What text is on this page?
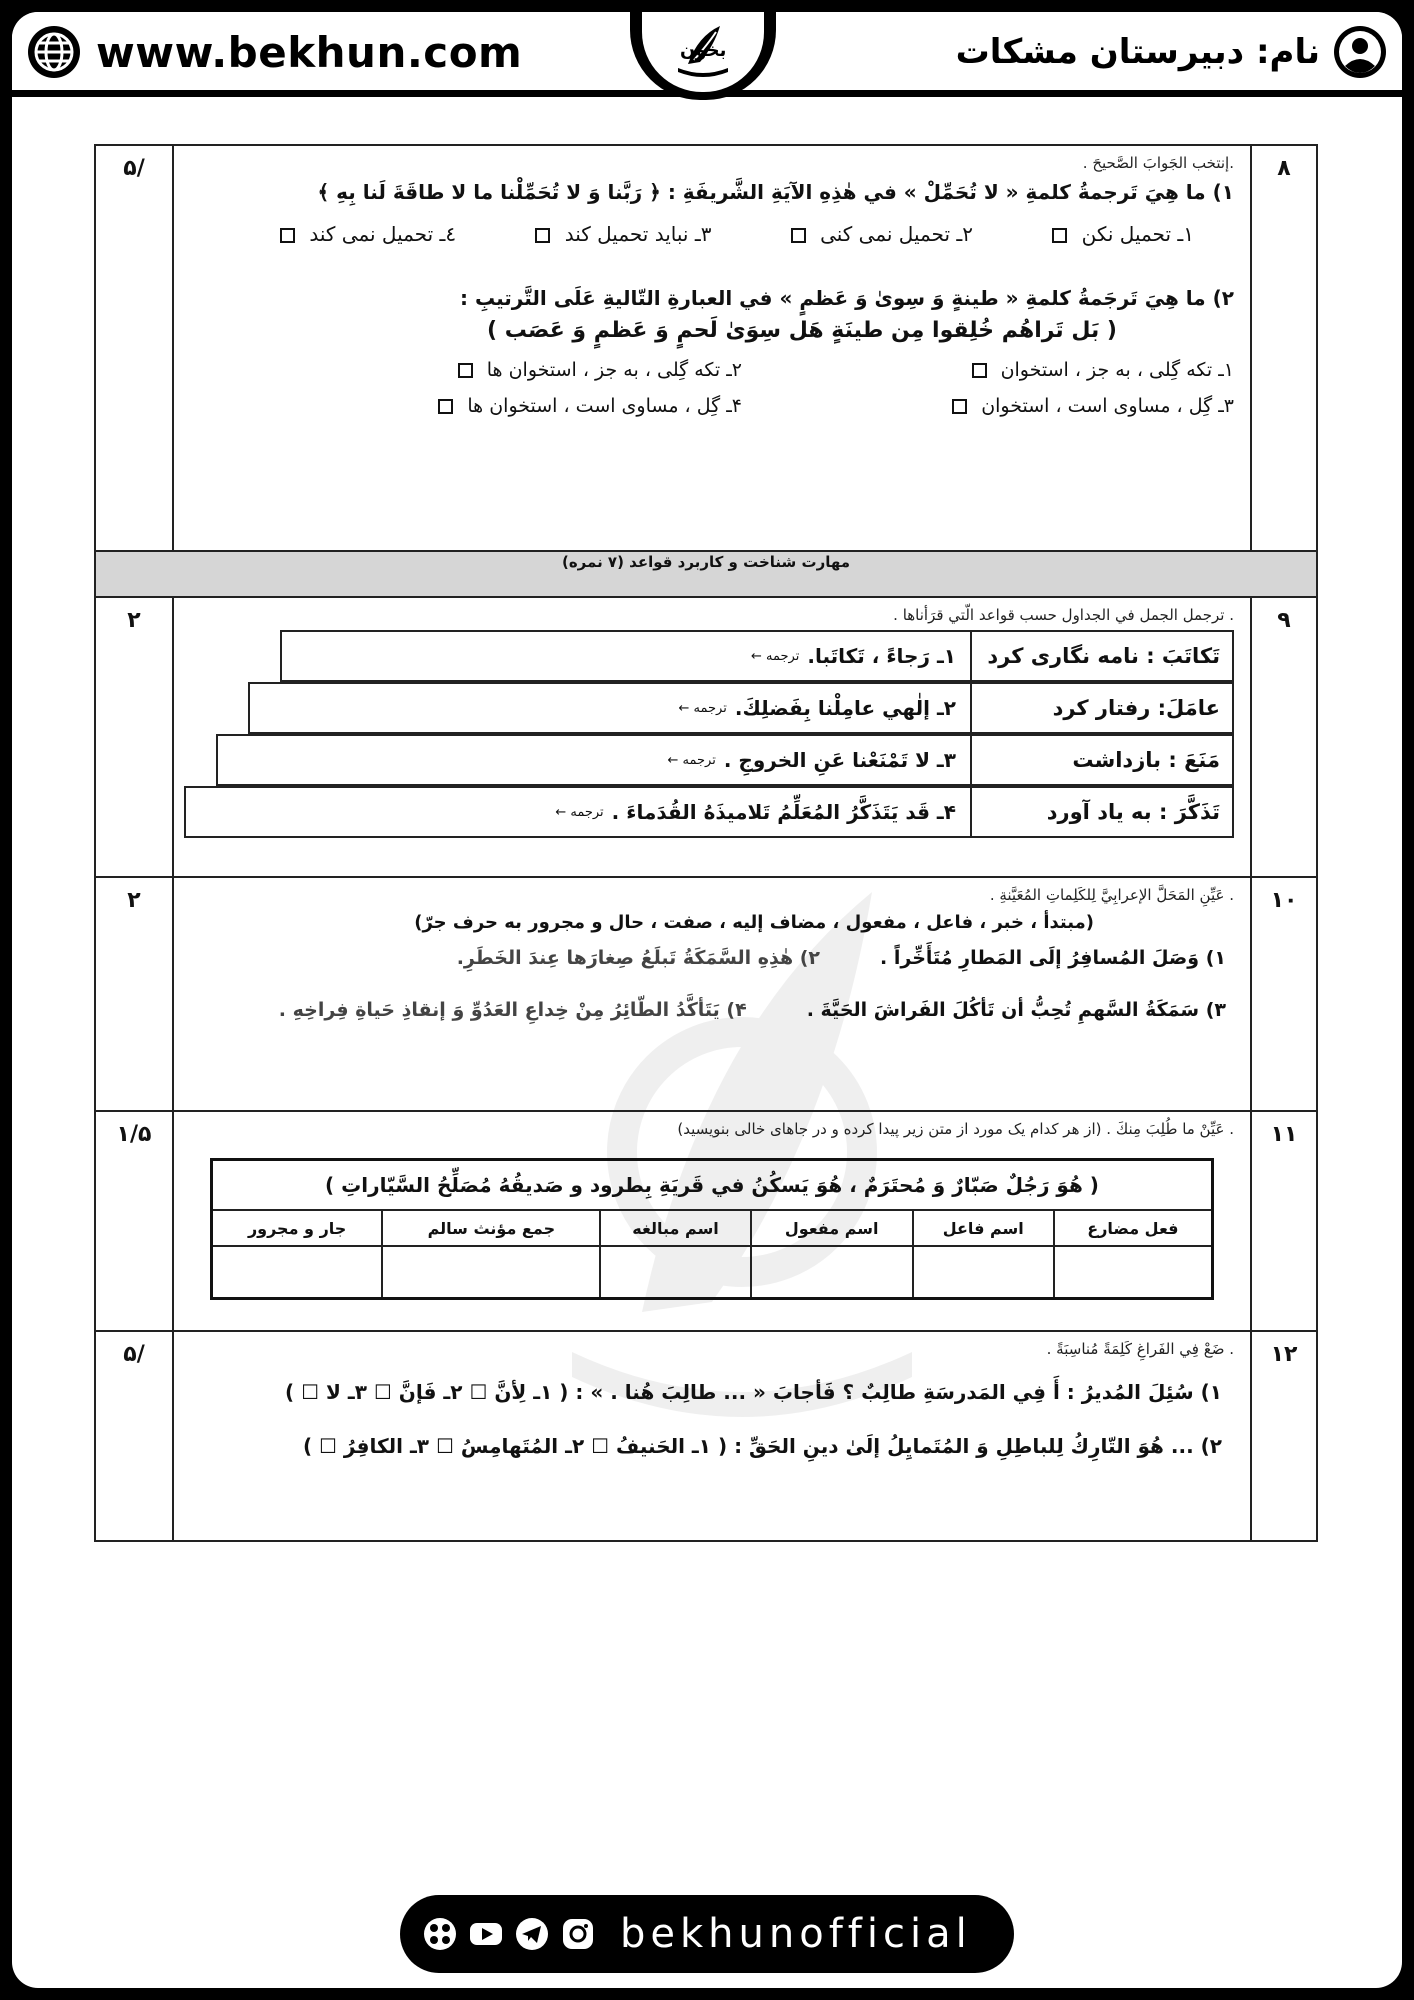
www.bekhun.com	بخون	نام: دبیرستان مشکات
۸	
.إنتخب الجَوابَ الصَّحيحَ .
۱) ما هِيَ تَرجمةُ كلمةِ « لا تُحَمِّلْ » في هٰذِهِ الآيَةِ الشَّريفَةِ : ﴿ رَبَّنا وَ لا تُحَمِّلْنا ما لا طاقَةَ لَنا بِهِ ﴾
۱ـ تحمیل نکن
۲ـ تحمیل نمی کنی
۳ـ نباید تحمیل کند
٤ـ تحمیل نمی کند
۲) ما هِيَ تَرجَمةُ كلمةِ « طينةٍ وَ سِوىٰ وَ عَظمٍ » في العبارةِ التّاليةِ عَلَى التَّرتيبِ :
( بَل تَراهُم خُلِقوا مِن طينَةٍ هَل سِوَىٰ لَحمٍ وَ عَظمٍ وَ عَصَب )
۱ـ تکه گِلی ، به جز ، استخوان
۲ـ تکه گِلی ، به جز ، استخوان ها
۳ـ گِل ، مساوی است ، استخوان
۴ـ گِل ، مساوی است ، استخوان ها
	/۵
مهارت شناخت و کاربرد قواعد (۷ نمره)
۹	
. ترجمل الجمل في الجداول حسب قواعد الّتي قرَأناها .
تَكاتَبَ : نامه نگاری کرد
۱ـ رَجاءً ، تَكاتَبا.
ترجمه ←
عامَلَ: رفتار کرد
۲ـ إلٰهي عامِلْنا بِفَضلِكَ.
ترجمه ←
مَنَعَ : بازداشت
۳ـ لا تَمْنَعْنا عَنِ الخروجِ .
ترجمه ←
تَذَكَّرَ : به یاد آورد
۴ـ قَد يَتَذَكَّرُ المُعَلِّمُ تَلاميذَهُ القُدَماءَ .
ترجمه ←
	۲
۱۰	
. عَيِّنِ المَحَلَّ الإعرابِيَّ لِلكَلِماتِ المُعَيَّنةِ .
(مبتدأ ، خبر ، فاعل ، مفعول ، مضاف إلیه ، صفت ، حال و مجرور به حرف جرّ)
۱) وَصَلَ المُسافِرُ إلَى المَطارِ مُتَأَخِّراً .
۲) هٰذِهِ السَّمَكَةُ تَبلَعُ صِغارَها عِندَ الخَطَرِ.
۳) سَمَكَةُ السَّهمِ تُحِبُّ أن تَأكُلَ الفَراشَ الحَيَّةَ .
۴) يَتَأكَّدُ الطّائِرُ مِنْ خِداعِ العَدُوِّ وَ إنقاذِ حَياةِ فِراخِهِ .
	۲
۱۱	
. عَيِّنْ ما طُلِبَ مِنكَ . (از هر کدام یک مورد از متن زیر پیدا کرده و در جاهای خالی بنویسید)
( هُوَ رَجُلٌ صَبّارٌ وَ مُحتَرَمٌ ، هُوَ يَسكُنُ في قَريَةِ بِطرود و صَديقُهُ مُصَلِّحُ السَّيّاراتِ )
فعل مضارع	اسم فاعل	اسم مفعول	اسم مبالغه	جمع مؤنث سالم	جار و مجرور

	۱/۵
۱۲	
. ضَعْ فِي الفَراغِ كَلِمَةً مُناسِبَةً .
۱) سُئِلَ المُديرُ : أَ فِي المَدرسَةِ طالِبٌ ؟ فَأجابَ « ... طالِبَ هُنا . » : ( ۱ـ لِأنَّ ☐ ۲ـ فَإنَّ ☐ ۳ـ لا ☐ )
۲) ... هُوَ التّارِكُ لِلباطِلِ وَ المُتَمايِلُ إلَىٰ دينِ الحَقِّ : ( ۱ـ الحَنيفُ ☐ ۲ـ المُتَهامِسُ ☐ ۳ـ الكافِرُ ☐ )
	/۵
bekhunofficial
